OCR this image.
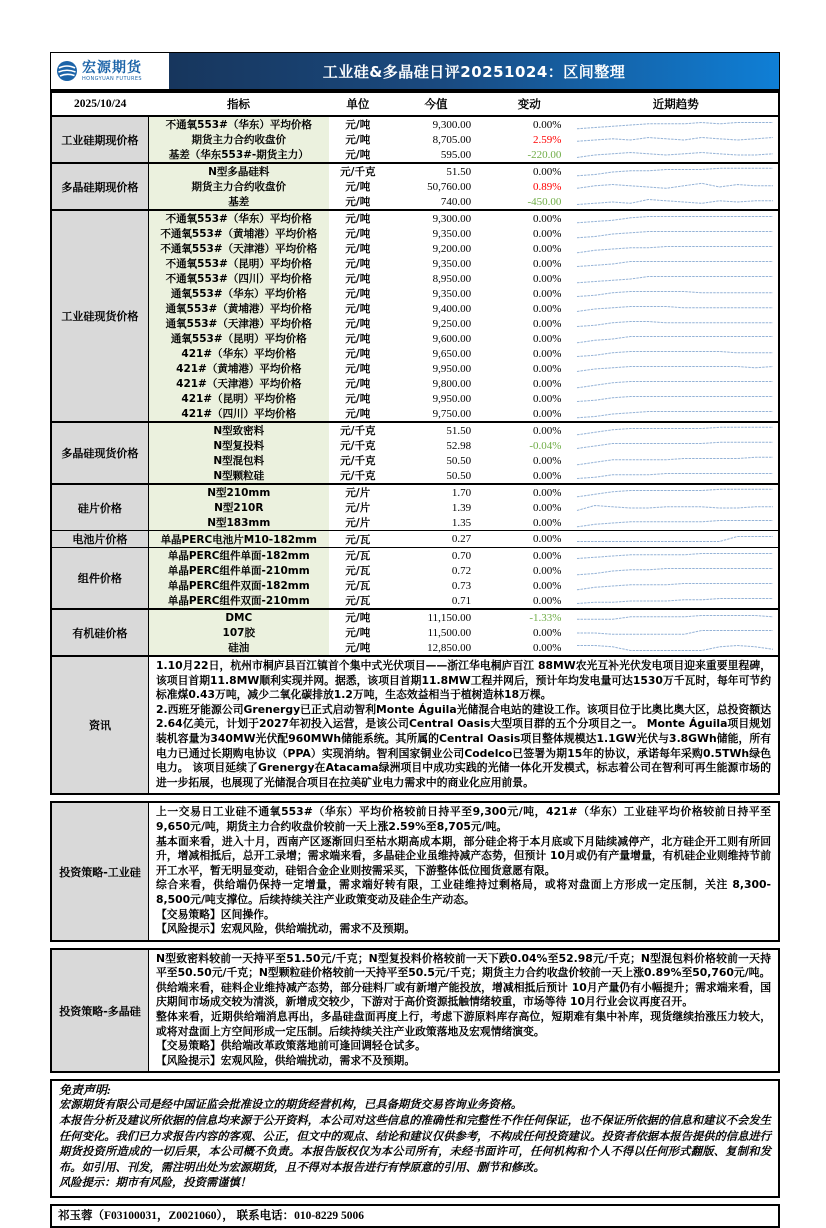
宏源期货
HONGYUAN FUTURES	工业硅&多晶硅日评20251024：区间整理
2025/10/24	指标	单位	今值	变动	近期趋势
工业硅期现价格	不通氧553#（华东）平均价格	元/吨	9,300.00	0.00%	

	期货主力合约收盘价	元/吨	8,705.00	2.59%	

	基差（华东553#-期货主力）	元/吨	595.00	-220.00	

多晶硅期现价格	N型多晶硅料	元/千克	51.50	0.00%	

	期货主力合约收盘价	元/吨	50,760.00	0.89%	

	基差	元/吨	740.00	-450.00	

工业硅现货价格	不通氧553#（华东）平均价格	元/吨	9,300.00	0.00%	

	不通氧553#（黄埔港）平均价格	元/吨	9,350.00	0.00%	

	不通氧553#（天津港）平均价格	元/吨	9,200.00	0.00%	

	不通氧553#（昆明）平均价格	元/吨	9,350.00	0.00%	

	不通氧553#（四川）平均价格	元/吨	8,950.00	0.00%	

	通氧553#（华东）平均价格	元/吨	9,350.00	0.00%	

	通氧553#（黄埔港）平均价格	元/吨	9,400.00	0.00%	

	通氧553#（天津港）平均价格	元/吨	9,250.00	0.00%	

	通氧553#（昆明）平均价格	元/吨	9,600.00	0.00%	

	421#（华东）平均价格	元/吨	9,650.00	0.00%	

	421#（黄埔港）平均价格	元/吨	9,950.00	0.00%	

	421#（天津港）平均价格	元/吨	9,800.00	0.00%	

	421#（昆明）平均价格	元/吨	9,950.00	0.00%	

	421#（四川）平均价格	元/吨	9,750.00	0.00%	

多晶硅现货价格	N型致密料	元/千克	51.50	0.00%	

	N型复投料	元/千克	52.98	-0.04%	

	N型混包料	元/千克	50.50	0.00%	

	N型颗粒硅	元/千克	50.50	0.00%	

硅片价格	N型210mm	元/片	1.70	0.00%	

	N型210R	元/片	1.39	0.00%	

	N型183mm	元/片	1.35	0.00%	

电池片价格	单晶PERC电池片M10-182mm	元/瓦	0.27	0.00%	

组件价格	单晶PERC组件单面-182mm	元/瓦	0.70	0.00%	

	单晶PERC组件单面-210mm	元/瓦	0.72	0.00%	

	单晶PERC组件双面-182mm	元/瓦	0.73	0.00%	

	单晶PERC组件双面-210mm	元/瓦	0.71	0.00%	

有机硅价格	DMC	元/吨	11,150.00	-1.33%	

	107胶	元/吨	11,500.00	0.00%	

	硅油	元/吨	12,850.00	0.00%	
资讯
1.10月22日，杭州市桐庐县百江镇首个集中式光伏项目——浙江华电桐庐百江 88MW农光互补光伏发电项目迎来重要里程碑，该项目首期11.8MW顺利实现并网。据悉，该项目首期11.8MW工程并网后，预计年均发电量可达1530万千瓦时，每年可节约标准煤0.43万吨，减少二氧化碳排放1.2万吨，生态效益相当于植树造林18万棵。
2.西班牙能源公司Grenergy已正式启动智利Monte Águila光储混合电站的建设工作。该项目位于比奥比奥大区，总投资额达 2.64亿美元，计划于2027年初投入运营，是该公司Central Oasis大型项目群的五个分项目之一。 Monte Águila项目规划装机容量为340MW光伏配960MWh储能系统。其所属的Central Oasis项目整体规模达1.1GW光伏与3.8GWh储能，所有电力已通过长期购电协议（PPA）实现消纳。智利国家铜业公司Codelco已签署为期15年的协议，承诺每年采购0.5TWh绿色电力。 该项目延续了Grenergy在Atacama绿洲项目中成功实践的光储一体化开发模式，标志着公司在智利可再生能源市场的进一步拓展，也展现了光储混合项目在拉美矿业电力需求中的商业化应用前景。
投资策略-工业硅
上一交易日工业硅不通氧553#（华东）平均价格较前日持平至9,300元/吨，421#（华东）工业硅平均价格较前日持平至9,650元/吨，期货主力合约收盘价较前一天上涨2.59%至8,705元/吨。
基本面来看，进入十月，西南产区逐渐回归至枯水期高成本期，部分硅企将于本月底或下月陆续减停产，北方硅企开工则有所回升，增减相抵后，总开工录增；需求端来看，多晶硅企业虽维持减产态势，但预计 10月或仍有产量增量，有机硅企业则维持节前开工水平，暂无明显变动，硅铝合金企业则按需采买，下游整体低位囤货意愿有限。
综合来看，供给端仍保持一定增量，需求端好转有限，工业硅维持过剩格局，或将对盘面上方形成一定压制，关注 8,300-8,500元/吨支撑位。后续持续关注产业政策变动及硅企生产动态。
【交易策略】区间操作。
【风险提示】宏观风险，供给端扰动，需求不及预期。
投资策略-多晶硅
N型致密料较前一天持平至51.50元/千克；N型复投料价格较前一天下跌0.04%至52.98元/千克；N型混包料价格较前一天持平至50.50元/千克；N型颗粒硅价格较前一天持平至50.5元/千克；期货主力合约收盘价较前一天上涨0.89%至50,760元/吨。
供给端来看，硅料企业维持减产态势，部分硅料厂或有新增产能投放，增减相抵后预计 10月产量仍有小幅提升；需求端来看，国庆期间市场成交较为清淡，新增成交较少，下游对于高价资源抵触情绪较重，市场等待 10月行业会议再度召开。
整体来看，近期供给端消息再出，多晶硅盘面再度上行，考虑下游原料库存高位，短期难有集中补库，现货继续抬涨压力较大，或将对盘面上方空间形成一定压制。后续持续关注产业政策落地及宏观情绪演变。
【交易策略】供给端改革政策落地前可逢回调轻仓试多。
【风险提示】宏观风险，供给端扰动，需求不及预期。
免责声明:
宏源期货有限公司是经中国证监会批准设立的期货经营机构，已具备期货交易咨询业务资格。
本报告分析及建议所依据的信息均来源于公开资料，本公司对这些信息的准确性和完整性不作任何保证，也不保证所依据的信息和建议不会发生任何变化。我们已力求报告内容的客观、公正，但文中的观点、结论和建议仅供参考，不构成任何投资建议。投资者依据本报告提供的信息进行期货投资所造成的一切后果，本公司概不负责。本报告版权仅为本公司所有，未经书面许可，任何机构和个人不得以任何形式翻版、复制和发布。如引用、刊发，需注明出处为宏源期货，且不得对本报告进行有悖原意的引用、删节和修改。
风险提示：期市有风险，投资需谨慎！
祁玉蓉（F03100031，Z0021060）， 联系电话：010-8229 5006
